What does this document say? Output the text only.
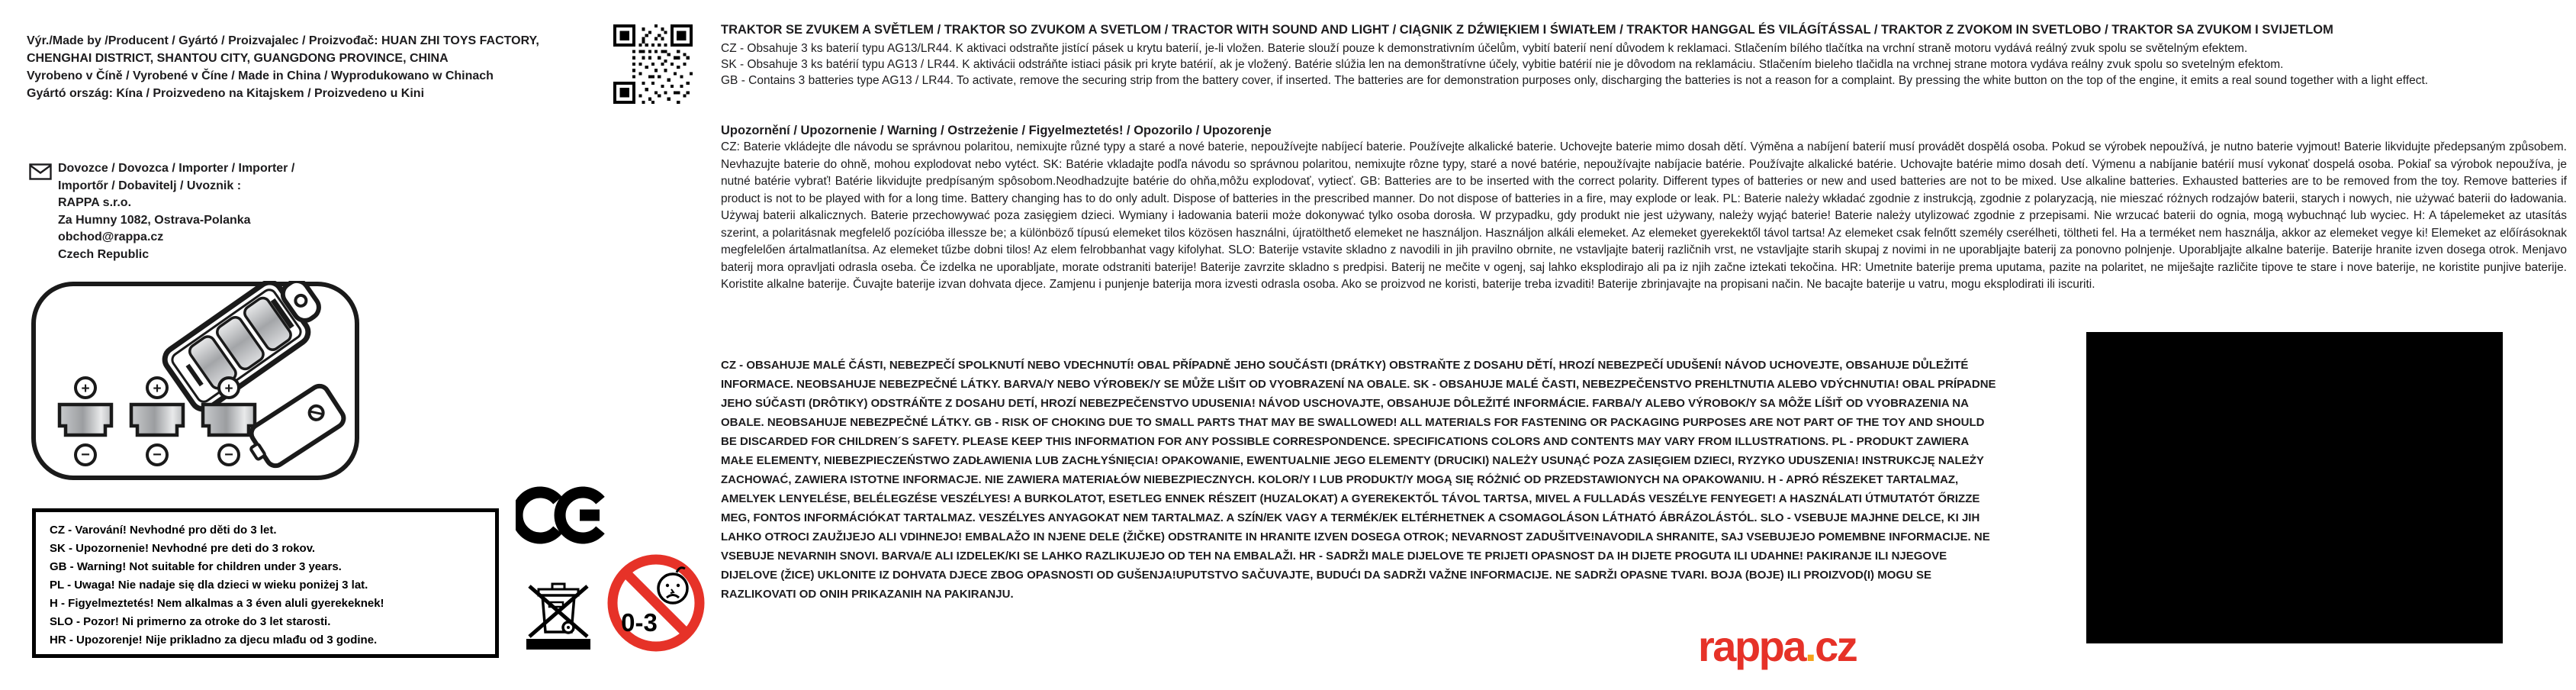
Výr./Made by /Producent / Gyártó / Proizvajalec / Proizvođač: HUAN ZHI TOYS FACTORY,
CHENGHAI DISTRICT, SHANTOU CITY, GUANGDONG PROVINCE, CHINA
Vyrobeno v Číně / Vyrobené v Číne / Made in China / Wyprodukowano w Chinach
Gyártó ország: Kína / Proizvedeno na Kitajskem / Proizvedeno u Kini
Dovozce / Dovozca / Importer / Importer /
Importőr / Dobavitelj / Uvoznik :
RAPPA s.r.o.
Za Humny 1082, Ostrava-Polanka
obchod@rappa.cz
Czech Republic
+
−
+
−
+
−
CZ - Varování! Nevhodné pro děti do 3 let.
SK - Upozornenie! Nevhodné pre deti do 3 rokov.
GB - Warning! Not suitable for children under 3 years.
PL - Uwaga! Nie nadaje się dla dzieci w wieku poniżej 3 lat.
H - Figyelmeztetés! Nem alkalmas a 3 éven aluli gyerekeknek!
SLO - Pozor! Ni primerno za otroke do 3 let starosti.
HR - Upozorenje! Nije prikladno za djecu mlađu od 3 godine.
0-3
TRAKTOR SE ZVUKEM A SVĚTLEM / TRAKTOR SO ZVUKOM A SVETLOM / TRACTOR WITH SOUND AND LIGHT / CIĄGNIK Z DŹWIĘKIEM I ŚWIATŁEM / TRAKTOR HANGGAL ÉS VILÁGÍTÁSSAL / TRAKTOR Z ZVOKOM IN SVETLOBO / TRAKTOR SA ZVUKOM I SVIJETLOM
CZ - Obsahuje 3 ks baterií typu AG13/LR44. K aktivaci odstraňte jistící pásek u krytu baterií, je-li vložen. Baterie slouží pouze k demonstrativním účelům, vybití baterií není důvodem k reklamaci. Stlačením bílého tlačítka na vrchní straně motoru vydává reálný zvuk spolu se světelným efektem.
SK - Obsahuje 3 ks batérií typu AG13 / LR44. K aktivácii odstráňte istiaci pásik pri kryte batérií, ak je vložený. Batérie slúžia len na demonštratívne účely, vybitie batérií nie je dôvodom na reklamáciu. Stlačením bieleho tlačidla na vrchnej strane motora vydáva reálny zvuk spolu so svetelným efektom.
GB - Contains 3 batteries type AG13 / LR44. To activate, remove the securing strip from the battery cover, if inserted. The batteries are for demonstration purposes only, discharging the batteries is not a reason for a complaint. By pressing the white button on the top of the engine, it emits a real sound together with a light effect.
Upozornění / Upozornenie / Warning / Ostrzeżenie / Figyelmeztetés! / Opozorilo / Upozorenje
CZ: Baterie vkládejte dle návodu se správnou polaritou, nemixujte různé typy a staré a nové baterie, nepoužívejte nabíjecí baterie. Používejte alkalické baterie. Uchovejte baterie mimo dosah dětí. Výměna a nabíjení baterií musí provádět dospělá osoba. Pokud se výrobek nepoužívá, je nutno baterie vyjmout! Baterie likvidujte předepsaným způsobem. Nevhazujte baterie do ohně, mohou explodovat nebo vytéct. SK: Batérie vkladajte podľa návodu so správnou polaritou, nemixujte rôzne typy, staré a nové batérie, nepoužívajte nabíjacie batérie. Používajte alkalické batérie. Uchovajte batérie mimo dosah detí. Výmenu a nabíjanie batérií musí vykonať dospelá osoba. Pokiaľ sa výrobok nepoužíva, je nutné batérie vybrať! Batérie likvidujte predpísaným spôsobom.Neodhadzujte batérie do ohňa,môžu explodovať, vytiecť. GB: Batteries are to be inserted with the correct polarity. Different types of batteries or new and used batteries are not to be mixed. Use alkaline batteries. Exhausted batteries are to be removed from the toy. Remove batteries if product is not to be played with for a long time. Battery changing has to do only adult. Dispose of batteries in the prescribed manner. Do not dispose of batteries in a fire, may explode or leak. PL: Baterie należy wkładać zgodnie z instrukcją, zgodnie z polaryzacją, nie mieszać różnych rodzajów baterii, starych i nowych, nie używać baterii do ładowania. Używaj baterii alkalicznych. Baterie przechowywać poza zasięgiem dzieci. Wymiany i ładowania baterii może dokonywać tylko osoba dorosła. W przypadku, gdy produkt nie jest używany, należy wyjąć baterie! Baterie należy utylizować zgodnie z przepisami. Nie wrzucać baterii do ognia, mogą wybuchnąć lub wyciec. H: A tápelemeket az utasítás szerint, a polaritásnak megfelelő pozícióba illessze be; a különböző típusú elemeket tilos közösen használni, újratölthető elemeket ne használjon. Használjon alkáli elemeket. Az elemeket gyerekektől távol tartsa! Az elemeket csak felnőtt személy cserélheti, töltheti fel. Ha a terméket nem használja, akkor az elemeket vegye ki! Elemeket az előírásoknak megfelelően ártalmatlanítsa. Az elemeket tűzbe dobni tilos! Az elem felrobbanhat vagy kifolyhat. SLO: Baterije vstavite skladno z navodili in jih pravilno obrnite, ne vstavljajte baterij različnih vrst, ne vstavljajte starih skupaj z novimi in ne uporabljajte baterij za ponovno polnjenje. Uporabljajte alkalne baterije. Baterije hranite izven dosega otrok. Menjavo baterij mora opravljati odrasla oseba. Če izdelka ne uporabljate, morate odstraniti baterije! Baterije zavrzite skladno s predpisi. Baterij ne mečite v ogenj, saj lahko eksplodirajo ali pa iz njih začne iztekati tekočina. HR: Umetnite baterije prema uputama, pazite na polaritet, ne miješajte različite tipove te stare i nove baterije, ne koristite punjive baterije. Koristite alkalne baterije. Čuvajte baterije izvan dohvata djece. Zamjenu i punjenje baterija mora izvesti odrasla osoba. Ako se proizvod ne koristi, baterije treba izvaditi! Baterije zbrinjavajte na propisani način. Ne bacajte baterije u vatru, mogu eksplodirati ili iscuriti.
CZ - OBSAHUJE MALÉ ČÁSTI, NEBEZPEČÍ SPOLKNUTÍ NEBO VDECHNUTÍ! OBAL PŘÍPADNĚ JEHO SOUČÁSTI (DRÁTKY) OBSTRAŇTE Z DOSAHU DĚTÍ, HROZÍ NEBEZPEČÍ UDUŠENÍ! NÁVOD UCHOVEJTE, OBSAHUJE DŮLEŽITÉ INFORMACE. NEOBSAHUJE NEBEZPEČNÉ LÁTKY. BARVA/Y NEBO VÝROBEK/Y SE MŮŽE LIŠIT OD VYOBRAZENÍ NA OBALE. SK - OBSAHUJE MALÉ ČASTI, NEBEZPEČENSTVO PREHLTNUTIA ALEBO VDÝCHNUTIA! OBAL PRÍPADNE JEHO SÚČASTI (DRÔTIKY) ODSTRÁŇTE Z DOSAHU DETÍ, HROZÍ NEBEZPEČENSTVO UDUSENIA! NÁVOD USCHOVAJTE, OBSAHUJE DÔLEŽITÉ INFORMÁCIE. FARBA/Y ALEBO VÝROBOK/Y SA MÔŽE LÍŠIŤ OD VYOBRAZENIA NA OBALE. NEOBSAHUJE NEBEZPEČNÉ LÁTKY. GB - RISK OF CHOKING DUE TO SMALL PARTS THAT MAY BE SWALLOWED! ALL MATERIALS FOR FASTENING OR PACKAGING PURPOSES ARE NOT PART OF THE TOY AND SHOULD BE DISCARDED FOR CHILDREN´S SAFETY. PLEASE KEEP THIS INFORMATION FOR ANY POSSIBLE CORRESPONDENCE. SPECIFICATIONS COLORS AND CONTENTS MAY VARY FROM ILLUSTRATIONS. PL - PRODUKT ZAWIERA MAŁE ELEMENTY, NIEBEZPIECZEŃSTWO ZADŁAWIENIA LUB ZACHŁYŚNIĘCIA! OPAKOWANIE, EWENTUALNIE JEGO ELEMENTY (DRUCIKI) NALEŻY USUNĄĆ POZA ZASIĘGIEM DZIECI, RYZYKO UDUSZENIA! INSTRUKCJĘ NALEŻY ZACHOWAĆ, ZAWIERA ISTOTNE INFORMACJE. NIE ZAWIERA MATERIAŁÓW NIEBEZPIECZNYCH. KOLOR/Y I LUB PRODUKT/Y MOGĄ SIĘ RÓŻNIĆ OD PRZEDSTAWIONYCH NA OPAKOWANIU. H - APRÓ RÉSZEKET TARTALMAZ, AMELYEK LENYELÉSE, BELÉLEGZÉSE VESZÉLYES! A BURKOLATOT, ESETLEG ENNEK RÉSZEIT (HUZALOKAT) A GYEREKEKTŐL TÁVOL TARTSA, MIVEL A FULLADÁS VESZÉLYE FENYEGET! A HASZNÁLATI ÚTMUTATÓT ŐRIZZE MEG, FONTOS INFORMÁCIÓKAT TARTALMAZ. VESZÉLYES ANYAGOKAT NEM TARTALMAZ. A SZÍN/EK VAGY A TERMÉK/EK ELTÉRHETNEK A CSOMAGOLÁSON LÁTHATÓ ÁBRÁZOLÁSTÓL. SLO - VSEBUJE MAJHNE DELCE, KI JIH LAHKO OTROCI ZAUŽIJEJO ALI VDIHNEJO! EMBALAŽO IN NJENE DELE (ŽIČKE) ODSTRANITE IN HRANITE IZVEN DOSEGA OTROK; NEVARNOST ZADUŠITVE!NAVODILA SHRANITE, SAJ VSEBUJEJO POMEMBNE INFORMACIJE. NE VSEBUJE NEVARNIH SNOVI. BARVA/E ALI IZDELEK/KI SE LAHKO RAZLIKUJEJO OD TEH NA EMBALAŽI. HR - SADRŽI MALE DIJELOVE TE PRIJETI OPASNOST DA IH DIJETE PROGUTA ILI UDAHNE! PAKIRANJE ILI NJEGOVE DIJELOVE (ŽICE) UKLONITE IZ DOHVATA DJECE ZBOG OPASNOSTI OD GUŠENJA!UPUTSTVO SAČUVAJTE, BUDUĆI DA SADRŽI VAŽNE INFORMACIJE. NE SADRŽI OPASNE TVARI. BOJA (BOJE) ILI PROIZVOD(I) MOGU SE RAZLIKOVATI OD ONIH PRIKAZANIH NA PAKIRANJU.
rappa.cz
